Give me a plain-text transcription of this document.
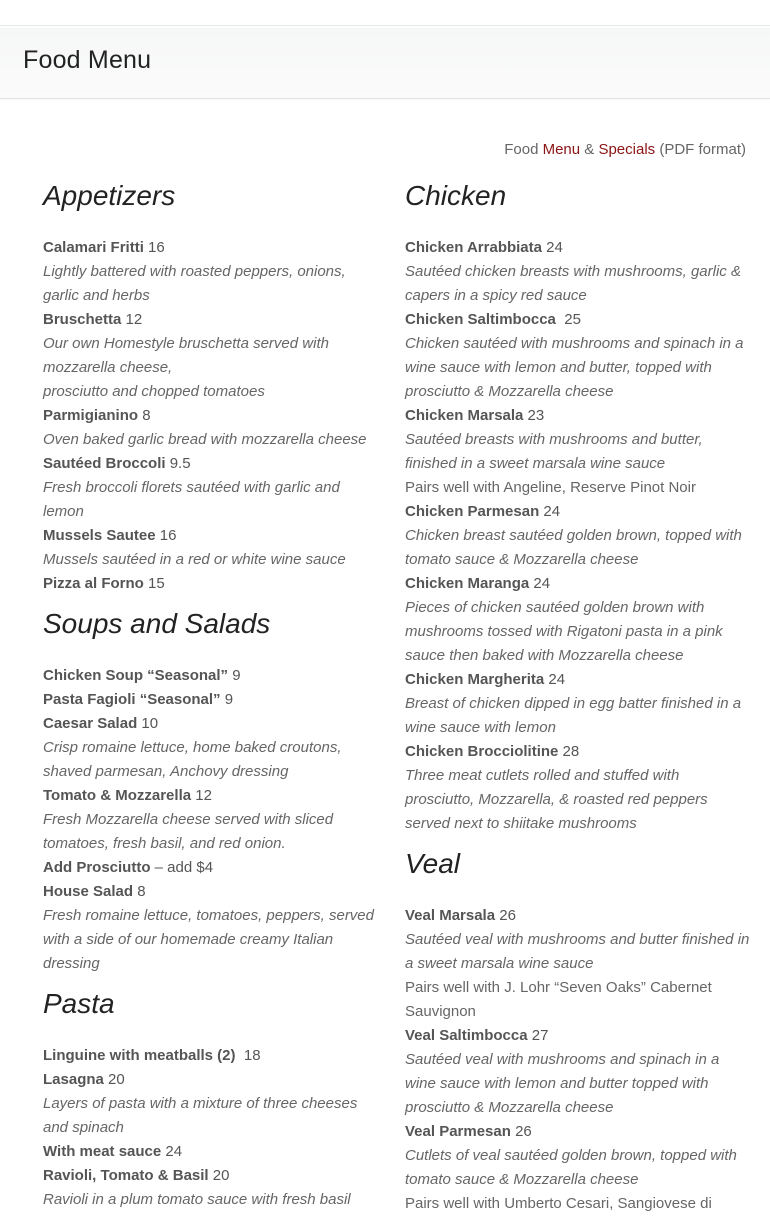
Food Menu
Food Menu & Specials (PDF format)
Appetizers
Calamari Fritti 16
Lightly battered with roasted peppers, onions, garlic and herbs
Bruschetta 12
Our own Homestyle bruschetta served with mozzarella cheese,
prosciutto and chopped tomatoes
Parmigianino 8
Oven baked garlic bread with mozzarella cheese
Sautéed Broccoli 9.5
Fresh broccoli florets sautéed with garlic and lemon
Mussels Sautee 16
Mussels sautéed in a red or white wine sauce
Pizza al Forno 15
Soups and Salads
Chicken Soup “Seasonal” 9
Pasta Fagioli “Seasonal” 9
Caesar Salad 10
Crisp romaine lettuce, home baked croutons, shaved parmesan, Anchovy dressing
Tomato & Mozzarella 12
Fresh Mozzarella cheese served with sliced tomatoes, fresh basil, and red onion.
Add Prosciutto – add $4
House Salad 8
Fresh romaine lettuce, tomatoes, peppers, served with a side of our homemade creamy Italian dressing
Pasta
Linguine with meatballs (2)  18
Lasagna 20
Layers of pasta with a mixture of three cheeses and spinach
With meat sauce 24
Ravioli, Tomato & Basil 20
Ravioli in a plum tomato sauce with fresh basil
Chicken
Chicken Arrabbiata 24
Sautéed chicken breasts with mushrooms, garlic & capers in a spicy red sauce
Chicken Saltimbocca  25
Chicken sautéed with mushrooms and spinach in a wine sauce with lemon and butter, topped with prosciutto & Mozzarella cheese
Chicken Marsala 23
Sautéed breasts with mushrooms and butter, finished in a sweet marsala wine sauce
Pairs well with Angeline, Reserve Pinot Noir
Chicken Parmesan 24
Chicken breast sautéed golden brown, topped with tomato sauce & Mozzarella cheese
Chicken Maranga 24
Pieces of chicken sautéed golden brown with mushrooms tossed with Rigatoni pasta in a pink sauce then baked with Mozzarella cheese
Chicken Margherita 24
Breast of chicken dipped in egg batter finished in a wine sauce with lemon
Chicken Brocciolitine 28
Three meat cutlets rolled and stuffed with prosciutto, Mozzarella, & roasted red peppers served next to shiitake mushrooms
Veal
Veal Marsala 26
Sautéed veal with mushrooms and butter finished in a sweet marsala wine sauce
Pairs well with J. Lohr “Seven Oaks” Cabernet Sauvignon
Veal Saltimbocca 27
Sautéed veal with mushrooms and spinach in a wine sauce with lemon and butter topped with prosciutto & Mozzarella cheese
Veal Parmesan 26
Cutlets of veal sautéed golden brown, topped with tomato sauce & Mozzarella cheese
Pairs well with Umberto Cesari, Sangiovese di
